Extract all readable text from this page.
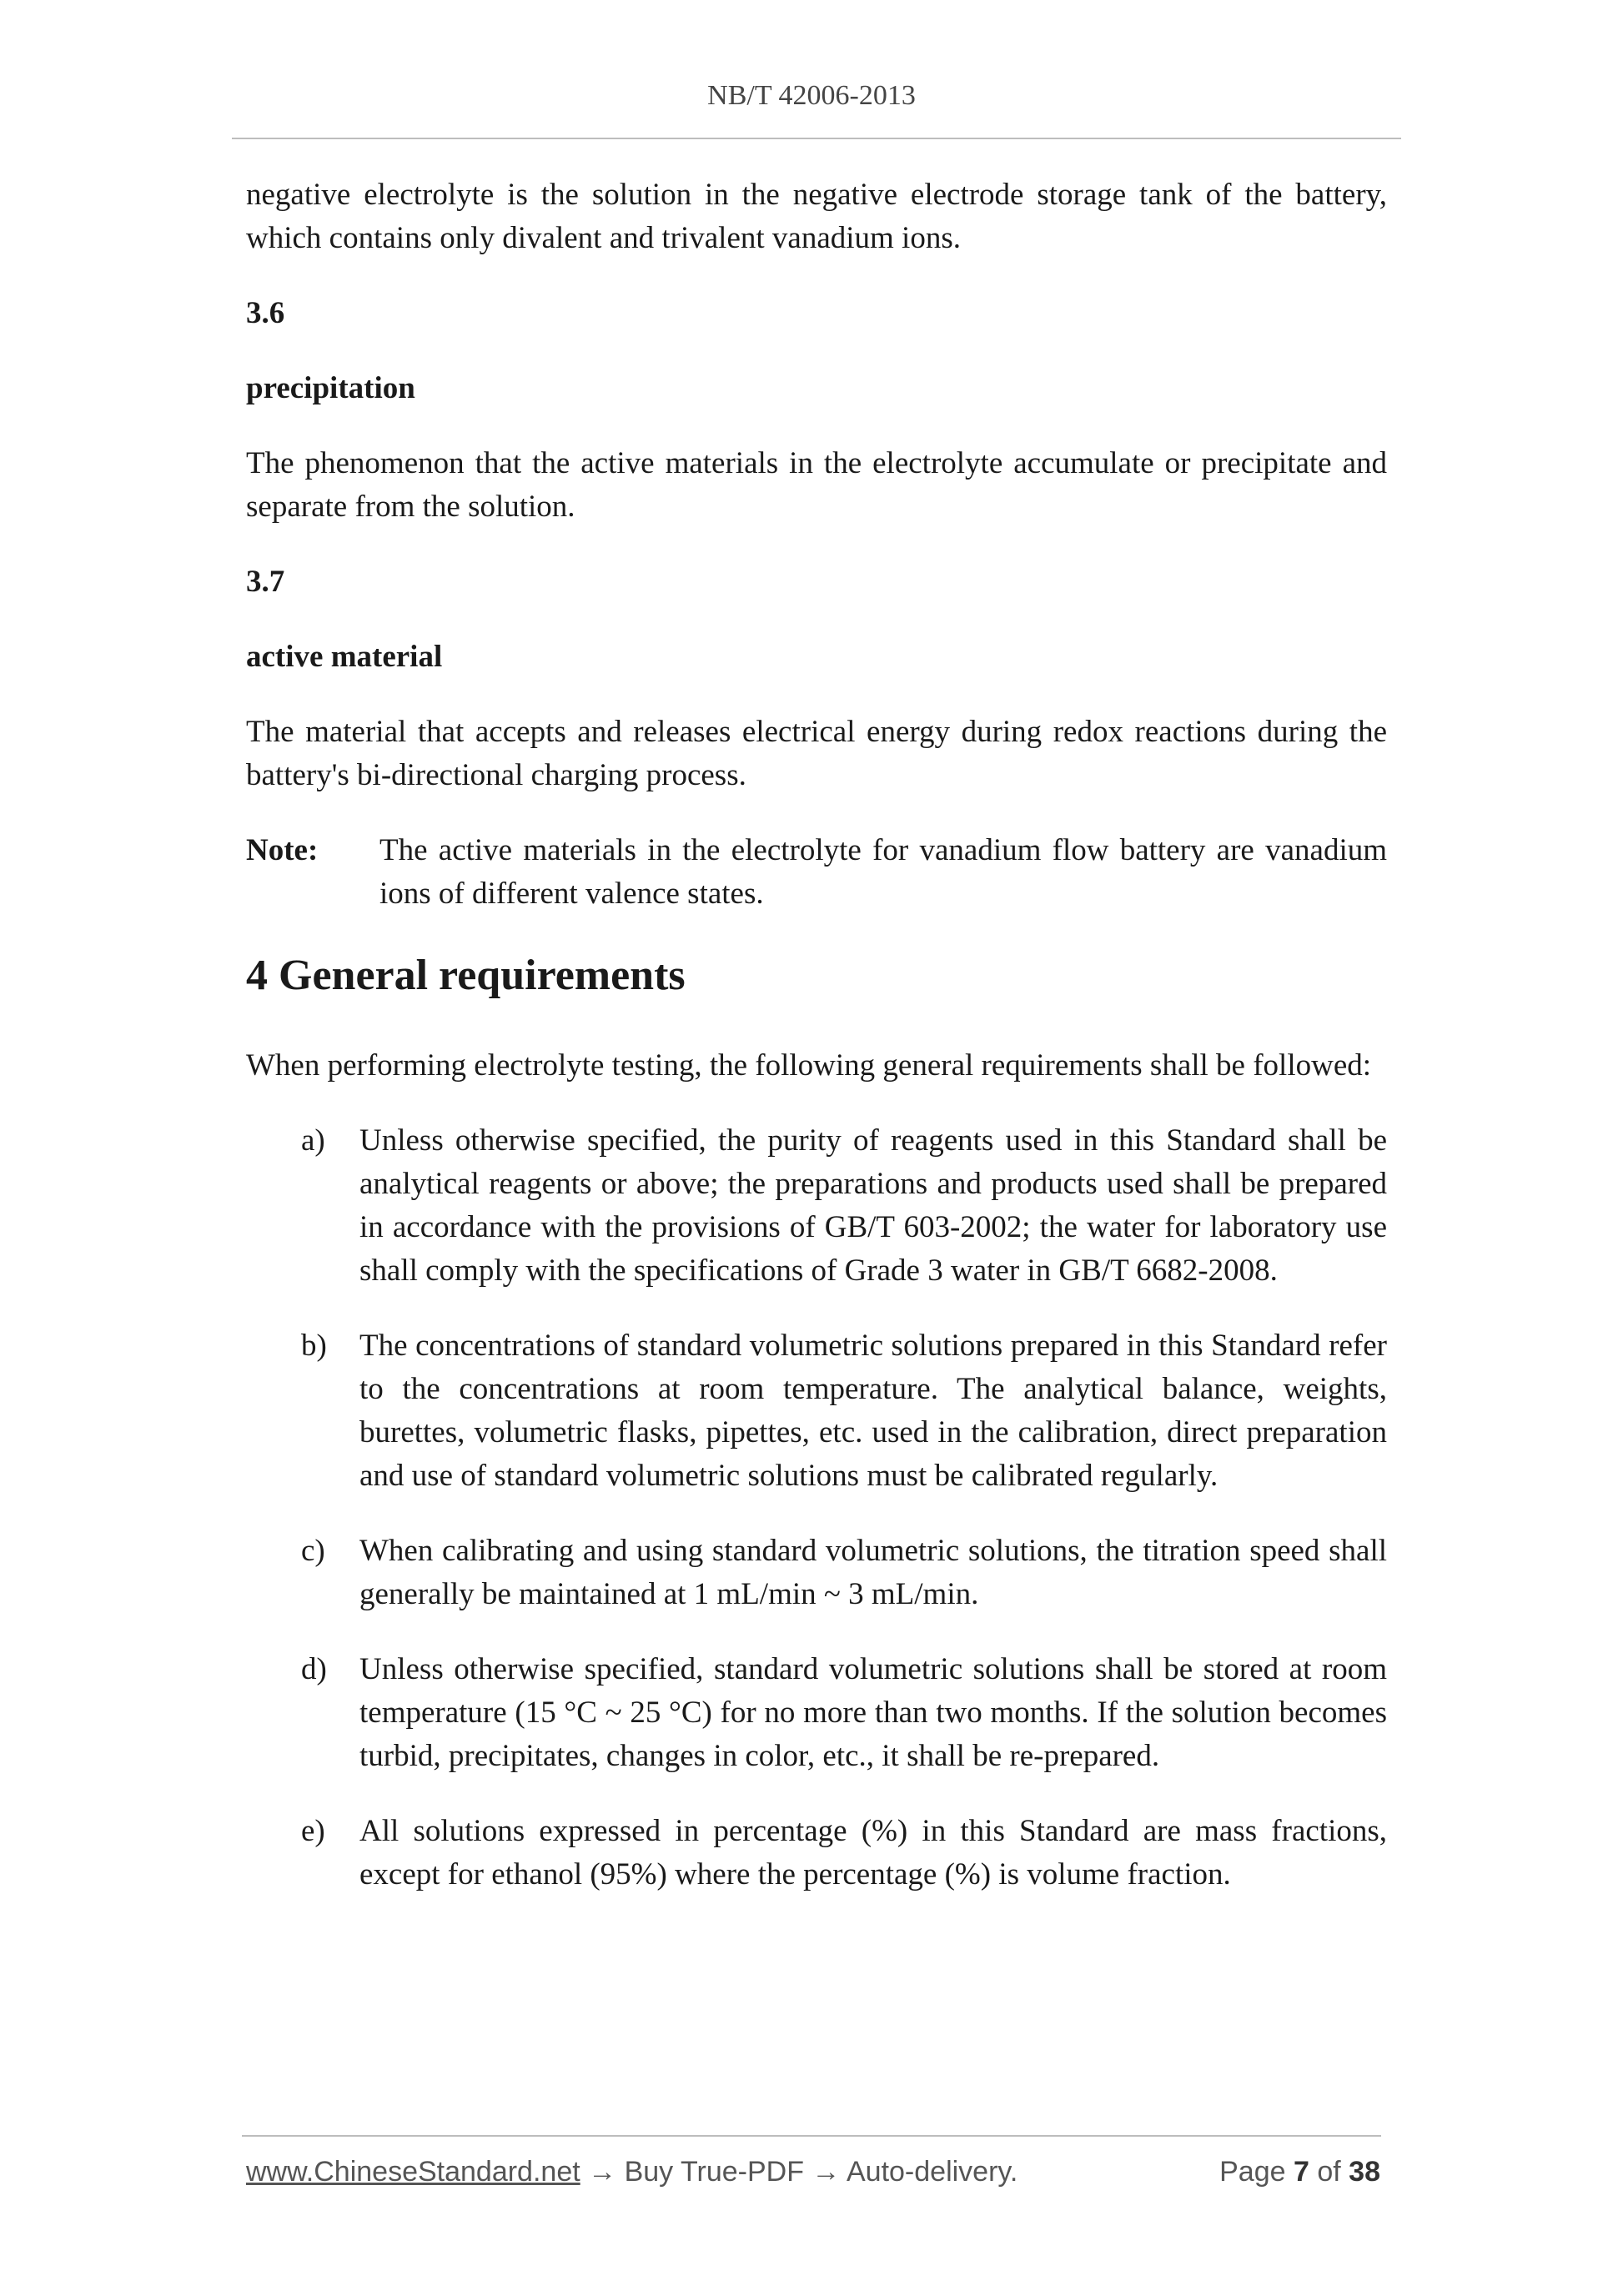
NB/T 42006-2013

negative electrolyte is the solution in the negative electrode storage tank of the battery, which contains only divalent and trivalent vanadium ions.

3.6
precipitation

The phenomenon that the active materials in the electrolyte accumulate or precipitate and separate from the solution.

3.7
active material

The material that accepts and releases electrical energy during redox reactions during the battery's bi-directional charging process.

Note:	The active materials in the electrolyte for vanadium flow battery are vanadium ions of different valence states.
4 General requirements

When performing electrolyte testing, the following general requirements shall be followed:

a)	Unless otherwise specified, the purity of reagents used in this Standard shall be analytical reagents or above; the preparations and products used shall be prepared in accordance with the provisions of GB/T 603-2002; the water for laboratory use shall comply with the specifications of Grade 3 water in GB/T 6682-2008.
b)	The concentrations of standard volumetric solutions prepared in this Standard refer to the concentrations at room temperature. The analytical balance, weights, burettes, volumetric flasks, pipettes, etc. used in the calibration, direct preparation and use of standard volumetric solutions must be calibrated regularly.
c)	When calibrating and using standard volumetric solutions, the titration speed shall generally be maintained at 1 mL/min ~ 3 mL/min.
d)	Unless otherwise specified, standard volumetric solutions shall be stored at room temperature (15 °C ~ 25 °C) for no more than two months. If the solution becomes turbid, precipitates, changes in color, etc., it shall be re-prepared.
e)	All solutions expressed in percentage (%) in this Standard are mass fractions, except for ethanol (95%) where the percentage (%) is volume fraction.
www.ChineseStandard.net → Buy True-PDF → Auto-delivery.	Page 7 of 38
